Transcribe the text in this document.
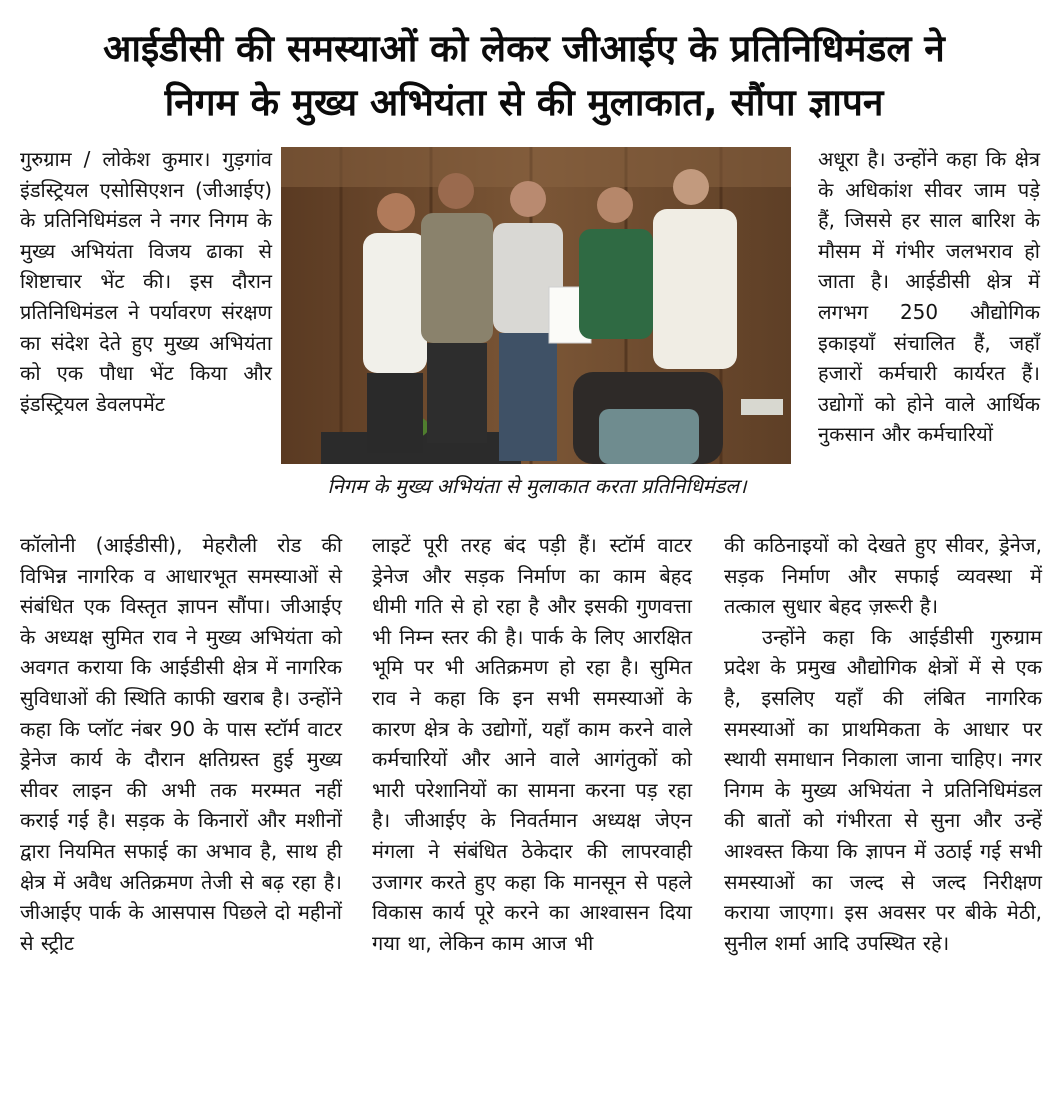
आईडीसी की समस्याओं को लेकर जीआईए के प्रतिनिधिमंडल ने
निगम के मुख्य अभियंता से की मुलाकात, सौंपा ज्ञापन

गुरुग्राम / लोकेश कुमार। गुड़गांव इंडस्ट्रियल एसोसिएशन (जीआईए) के प्रतिनिधिमंडल ने नगर निगम के मुख्य अभियंता विजय ढाका से शिष्टाचार भेंट की। इस दौरान प्रतिनिधिमंडल ने पर्यावरण संरक्षण का संदेश देते हुए मुख्य अभियंता को एक पौधा भेंट किया और इंडस्ट्रियल डेवलपमेंट

निगम के मुख्य अभियंता से मुलाकात करता प्रतिनिधिमंडल।

अधूरा है। उन्होंने कहा कि क्षेत्र के अधिकांश सीवर जाम पड़े हैं, जिससे हर साल बारिश के मौसम में गंभीर जलभराव हो जाता है। आईडीसी क्षेत्र में लगभग 250 औद्योगिक इकाइयाँ संचालित हैं, जहाँ हजारों कर्मचारी कार्यरत हैं। उद्योगों को होने वाले आर्थिक नुकसान और कर्मचारियों

कॉलोनी (आईडीसी), मेहरौली रोड की विभिन्न नागरिक व आधारभूत समस्याओं से संबंधित एक विस्तृत ज्ञापन सौंपा। जीआईए के अध्यक्ष सुमित राव ने मुख्य अभियंता को अवगत कराया कि आईडीसी क्षेत्र में नागरिक सुविधाओं की स्थिति काफी खराब है। उन्होंने कहा कि प्लॉट नंबर 90 के पास स्टॉर्म वाटर ड्रेनेज कार्य के दौरान क्षतिग्रस्त हुई मुख्य सीवर लाइन की अभी तक मरम्मत नहीं कराई गई है। सड़क के किनारों और मशीनों द्वारा नियमित सफाई का अभाव है, साथ ही क्षेत्र में अवैध अतिक्रमण तेजी से बढ़ रहा है। जीआईए पार्क के आसपास पिछले दो महीनों से स्ट्रीट

लाइटें पूरी तरह बंद पड़ी हैं। स्टॉर्म वाटर ड्रेनेज और सड़क निर्माण का काम बेहद धीमी गति से हो रहा है और इसकी गुणवत्ता भी निम्न स्तर की है। पार्क के लिए आरक्षित भूमि पर भी अतिक्रमण हो रहा है। सुमित राव ने कहा कि इन सभी समस्याओं के कारण क्षेत्र के उद्योगों, यहाँ काम करने वाले कर्मचारियों और आने वाले आगंतुकों को भारी परेशानियों का सामना करना पड़ रहा है। जीआईए के निवर्तमान अध्यक्ष जेएन मंगला ने संबंधित ठेकेदार की लापरवाही उजागर करते हुए कहा कि मानसून से पहले विकास कार्य पूरे करने का आश्वासन दिया गया था, लेकिन काम आज भी

की कठिनाइयों को देखते हुए सीवर, ड्रेनेज, सड़क निर्माण और सफाई व्यवस्था में तत्काल सुधार बेहद ज़रूरी है।

उन्होंने कहा कि आईडीसी गुरुग्राम प्रदेश के प्रमुख औद्योगिक क्षेत्रों में से एक है, इसलिए यहाँ की लंबित नागरिक समस्याओं का प्राथमिकता के आधार पर स्थायी समाधान निकाला जाना चाहिए। नगर निगम के मुख्य अभियंता ने प्रतिनिधिमंडल की बातों को गंभीरता से सुना और उन्हें आश्वस्त किया कि ज्ञापन में उठाई गई सभी समस्याओं का जल्द से जल्द निरीक्षण कराया जाएगा। इस अवसर पर बीके मेठी, सुनील शर्मा आदि उपस्थित रहे।
